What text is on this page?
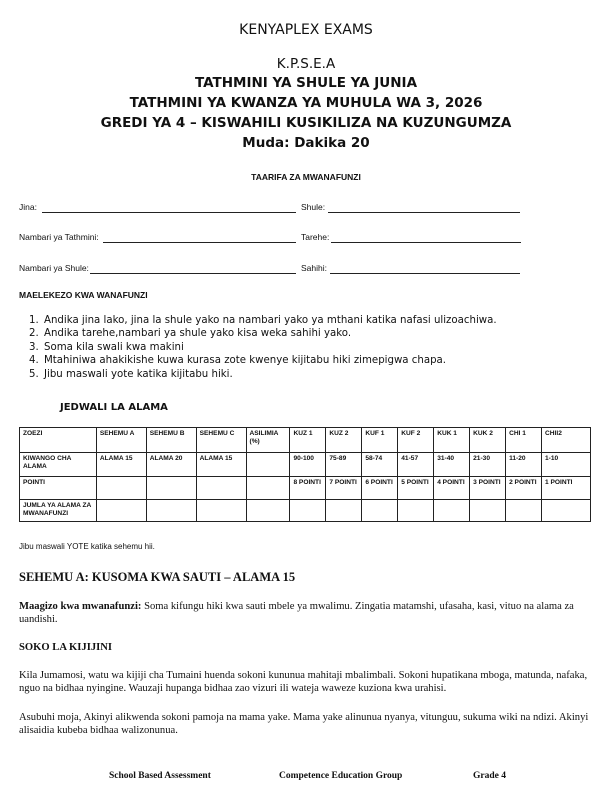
KENYAPLEX EXAMS
K.P.S.E.A
TATHMINI YA SHULE YA JUNIA
TATHMINI YA KWANZA YA MUHULA WA 3, 2026
GREDI YA 4 – KISWAHILI KUSIKILIZA NA KUZUNGUMZA
Muda: Dakika 20
TAARIFA ZA MWANAFUNZI
Jina:	Shule:
Nambari ya Tathmini:	Tarehe:
Nambari ya Shule:	Sahihi:
MAELEKEZO KWA WANAFUNZI
1. Andika jina lako, jina la shule yako na nambari yako ya mthani katika nafasi ulizoachiwa.
2. Andika tarehe,nambari ya shule yako kisa weka sahihi yako.
3. Soma kila swali kwa makini
4. Mtahiniwa ahakikishe kuwa kurasa zote kwenye kijitabu hiki zimepigwa chapa.
5. Jibu maswali yote katika kijitabu hiki.
JEDWALI LA ALAMA
ZOEZI	SEHEMU A	SEHEMU B	SEHEMU C	ASILIMIA (%)	KUZ 1	KUZ 2	KUF 1	KUF 2	KUK 1	KUK 2	CHI 1	CHII2
KIWANGO CHA ALAMA	ALAMA 15	ALAMA 20	ALAMA 15		90-100	75-89	58-74	41-57	31-40	21-30	11-20	1-10
POINTI					8 POINTI	7 POINTI	6 POINTI	5 POINTI	4 POINTI	3 POINTI	2 POINTI	1 POINTI
JUMLA YA ALAMA ZA MWANAFUNZI												
Jibu maswali YOTE katika sehemu hii.
SEHEMU A: KUSOMA KWA SAUTI – ALAMA 15
Maagizo kwa mwanafunzi: Soma kifungu hiki kwa sauti mbele ya mwalimu. Zingatia matamshi, ufasaha, kasi, vituo na alama za uandishi.
SOKO LA KIJIJINI
Kila Jumamosi, watu wa kijiji cha Tumaini huenda sokoni kununua mahitaji mbalimbali. Sokoni hupatikana mboga, matunda, nafaka, nguo na bidhaa nyingine. Wauzaji hupanga bidhaa zao vizuri ili wateja waweze kuziona kwa urahisi.
Asubuhi moja, Akinyi alikwenda sokoni pamoja na mama yake. Mama yake alinunua nyanya, vitunguu, sukuma wiki na ndizi. Akinyi alisaidia kubeba bidhaa walizonunua.
School Based Assessment	Competence Education Group	Grade 4
